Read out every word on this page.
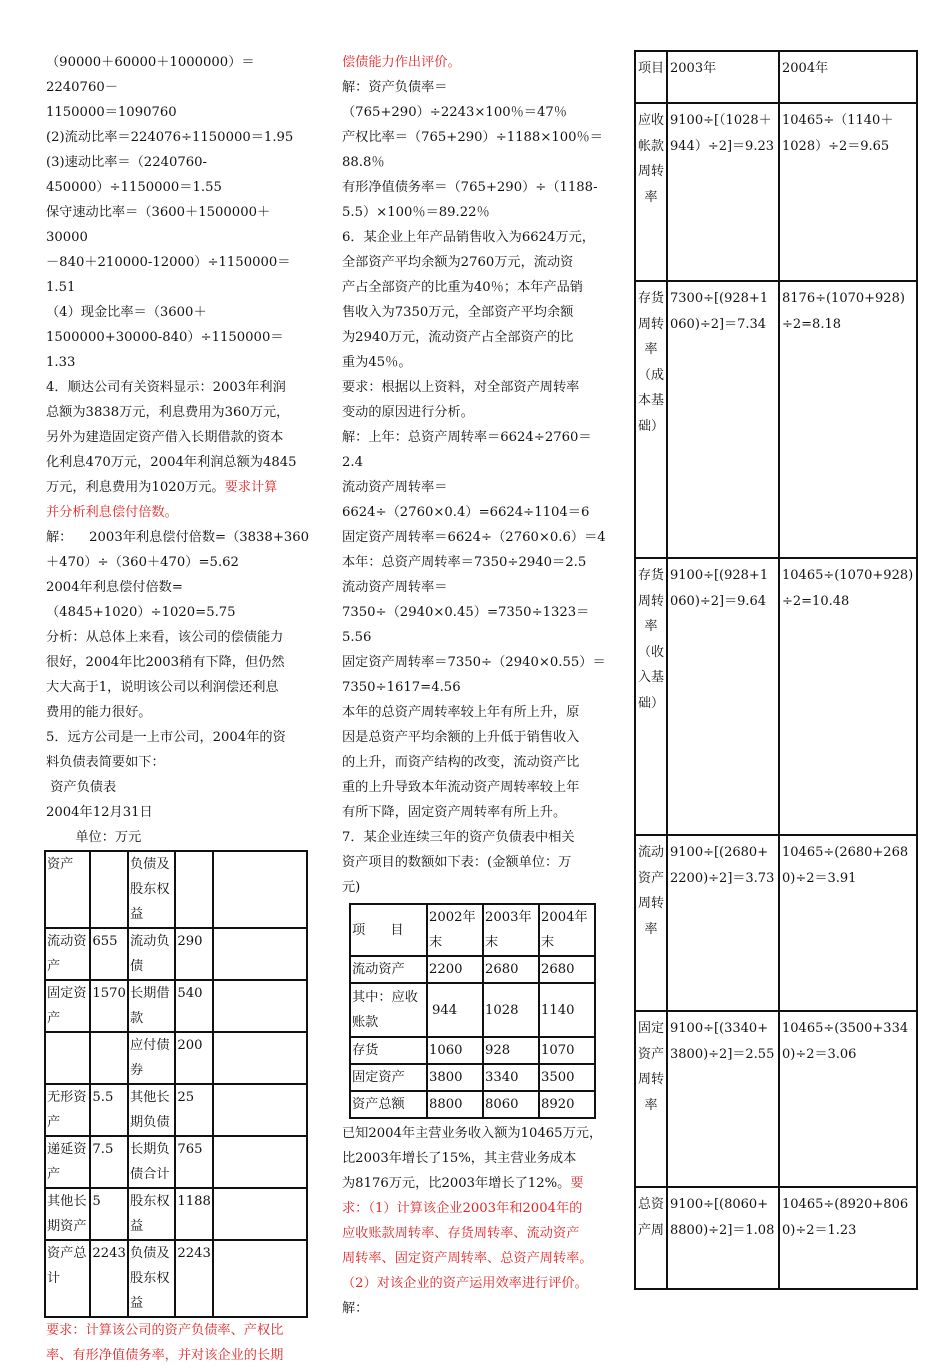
（90000＋60000＋1000000）＝2240760－

1150000＝1090760

(2)流动比率＝224076÷1150000＝1.95

(3)速动比率＝（2240760-

450000）÷1150000＝1.55

保守速动比率＝（3600＋1500000＋30000

－840＋210000-12000）÷1150000＝1.51

（4）现金比率＝（3600＋

1500000+30000-840）÷1150000＝1.33

4．顺达公司有关资料显示：2003年利润

总额为3838万元，利息费用为360万元，

另外为建造固定资产借入长期借款的资本

化利息470万元，2004年利润总额为4845

万元，利息费用为1020万元。要求计算

并分析利息偿付倍数。

解：    2003年利息偿付倍数=（3838+360

＋470）÷（360＋470）=5.62

2004年利息偿付倍数=

（4845+1020）÷1020=5.75

分析：从总体上来看，该公司的偿债能力

很好，2004年比2003稍有下降，但仍然

大大高于1，说明该公司以利润偿还利息

费用的能力很好。

5．远方公司是一上市公司，2004年的资

料负债表简要如下：

资产负债表

2004年12月31日

单位：万元

资产		负债及股东权益		
流动资产	655	流动负债	290	
固定资产	1570	长期借款	540	
		应付债券	200	
无形资产	5.5	其他长期负债	25	
递延资产	7.5	长期负债合计	765	
其他长期资产	5	股东权益	1188	
资产总计	2243	负债及股东权益	2243	

要求：计算该公司的资产负债率、产权比

率、有形净值债务率，并对该企业的长期

偿债能力作出评价。

解：资产负债率＝

（765+290）÷2243×100％＝47％

产权比率＝（765+290）÷1188×100％＝

88.8％

有形净值债务率＝（765+290）÷（1188-

5.5）×100％＝89.22％

6．某企业上年产品销售收入为6624万元，

全部资产平均余额为2760万元，流动资

产占全部资产的比重为40％；本年产品销

售收入为7350万元，全部资产平均余额

为2940万元，流动资产占全部资产的比

重为45％。

要求：根据以上资料，对全部资产周转率

变动的原因进行分析。

解：上年：总资产周转率＝6624÷2760＝

2.4

流动资产周转率＝

6624÷（2760×0.4）=6624÷1104＝6

固定资产周转率＝6624÷（2760×0.6）＝4

本年：总资产周转率＝7350÷2940＝2.5

流动资产周转率＝

7350÷（2940×0.45）=7350÷1323＝5.56

固定资产周转率＝7350÷（2940×0.55）＝

7350÷1617=4.56

本年的总资产周转率较上年有所上升，原

因是总资产平均余额的上升低于销售收入

的上升，而资产结构的改变，流动资产比

重的上升导致本年流动资产周转率较上年

有所下降，固定资产周转率有所上升。

7．某企业连续三年的资产负债表中相关

资产项目的数额如下表：(金额单位：万

元)

项      目	2002年末	2003年末	2004年末
流动资产	2200	2680	2680
其中：应收账款	944	1028	1140
存货	1060	928	1070
固定资产	3800	3340	3500
资产总额	8800	8060	8920

已知2004年主营业务收入额为10465万元，

比2003年增长了15%，其主营业务成本

为8176万元，比2003年增长了12%。要

求：（1）计算该企业2003年和2004年的

应收账款周转率、存货周转率、流动资产

周转率、固定资产周转率、总资产周转率。

（2）对该企业的资产运用效率进行评价。

解：

项目	2003年	2004年
应收帐款周转率	9100÷[（1028＋944）÷2]＝9.23	10465÷（1140＋1028）÷2＝9.65
存货周转率（成本基础）	7300÷[(928+1060)÷2]＝7.34	8176÷(1070+928)÷2=8.18
存货周转率（收入基础）	9100÷[(928+1060)÷2]＝9.64	10465÷(1070+928)÷2=10.48
流动资产周转率	9100÷[(2680+2200)÷2]＝3.73	10465÷(2680+2680)÷2＝3.91
固定资产周转率	9100÷[(3340+3800)÷2]＝2.55	10465÷(3500+3340)÷2＝3.06
总资产周	9100÷[(8060+8800)÷2]＝1.08	10465÷(8920+8060)÷2＝1.23
